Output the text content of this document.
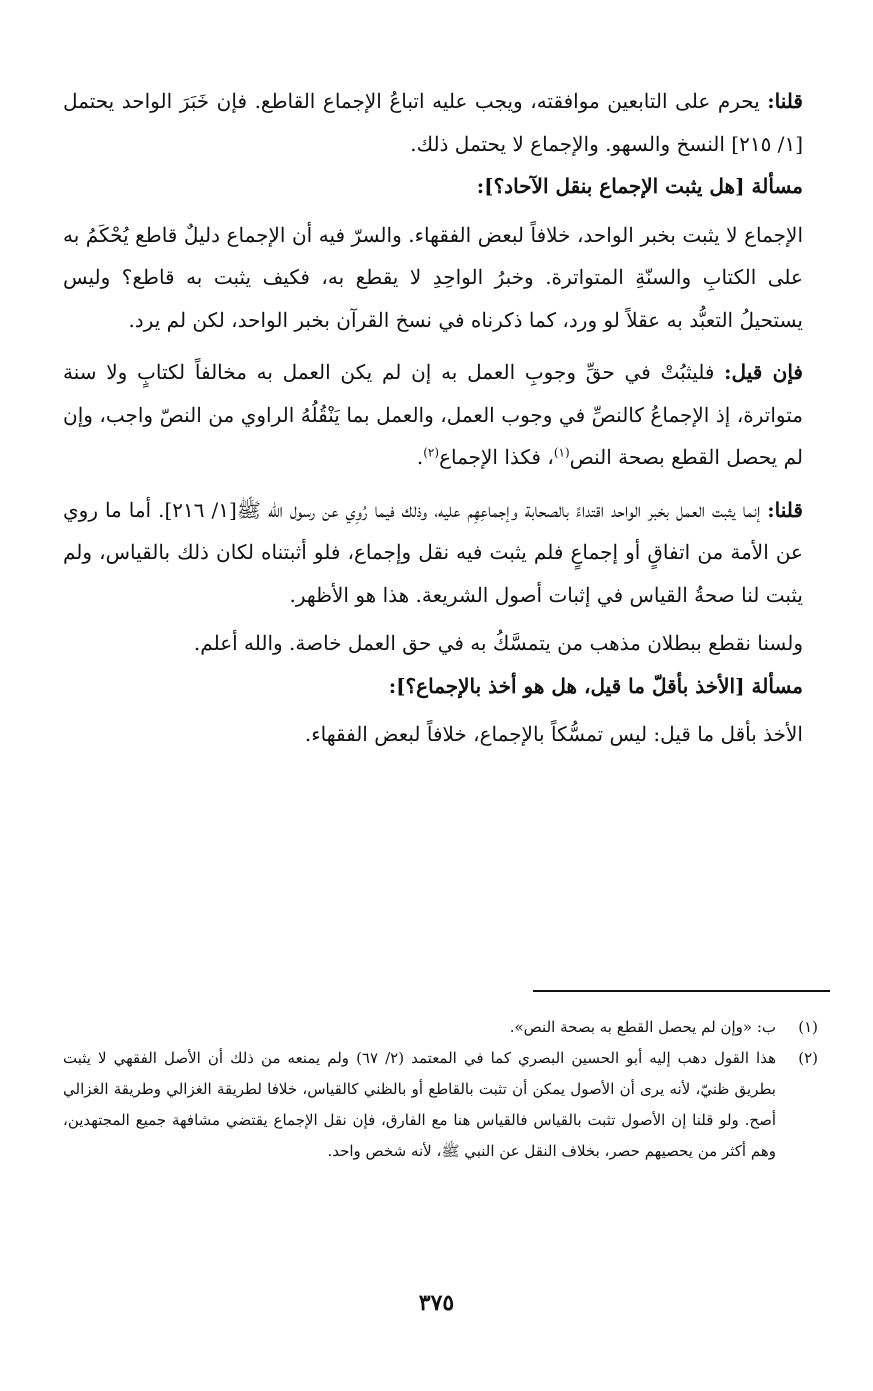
قلنا: يحرم على التابعين موافقته، ويجب عليه اتباعُ الإجماع القاطع. فإن خَبَرَ الواحد يحتمل [١/ ٢١٥] النسخ والسهو. والإجماع لا يحتمل ذلك.

مسألة [هل يثبت الإجماع بنقل الآحاد؟]:

الإجماع لا يثبت بخبر الواحد، خلافاً لبعض الفقهاء. والسرّ فيه أن الإجماع دليلٌ قاطع يُحْكَمُ به على الكتابِ والسنّةِ المتواترة. وخبرُ الواحِدِ لا يقطع به، فكيف يثبت به قاطع؟ وليس يستحيلُ التعبُّد به عقلاً لو ورد، كما ذكرناه في نسخ القرآن بخبر الواحد، لكن لم يرد.

فإن قيل: فليثبُتْ في حقِّ وجوبِ العمل به إن لم يكن العمل به مخالفاً لكتابٍ ولا سنة متواترة، إذ الإجماعُ كالنصِّ في وجوب العمل، والعمل بما يَنْقُلُهُ الراوي من النصّ واجب، وإن لم يحصل القطع بصحة النص$^{(١)}$، فكذا الإجماع$^{(٢)}$.

قلنا: إنما يثبت العمل بخبر الواحد اقتداءً بالصحابة وإجماعِهِم عليه، وذلك فيما رُوِي عن رسول الله ﷺ[١/ ٢١٦]. أما ما روي عن الأمة من اتفاقٍ أو إجماعٍ فلم يثبت فيه نقل وإجماع، فلو أثبتناه لكان ذلك بالقياس، ولم يثبت لنا صحةُ القياس في إثبات أصول الشريعة. هذا هو الأظهر.

ولسنا نقطع ببطلان مذهب من يتمسَّكُ به في حق العمل خاصة. والله أعلم.

مسألة [الأخذ بأقلّ ما قيل، هل هو أخذ بالإجماع؟]:

الأخذ بأقل ما قيل: ليس تمسُّكاً بالإجماع، خلافاً لبعض الفقهاء.

(١)
ب: «وإن لم يحصل القطع به بصحة النص».
(٢)
هذا القول دهب إليه أبو الحسين البصري كما في المعتمد (٢/ ٦٧) ولم يمنعه من ذلك أن الأصل الفقهي لا يثبت بطريق ظنيّ، لأنه يرى أن الأصول يمكن أن تثبت بالقاطع أو بالظني كالقياس، خلافا لطريقة الغزالي وطريقة الغزالي أصح. ولو قلنا إن الأصول تثبت بالقياس فالقياس هنا مع الفارق، فإن نقل الإجماع يقتضي مشافهة جميع المجتهدين، وهم أكثر من يحصيهم حصر، بخلاف النقل عن النبي ﷺ، لأنه شخص واحد.
٣٧٥
